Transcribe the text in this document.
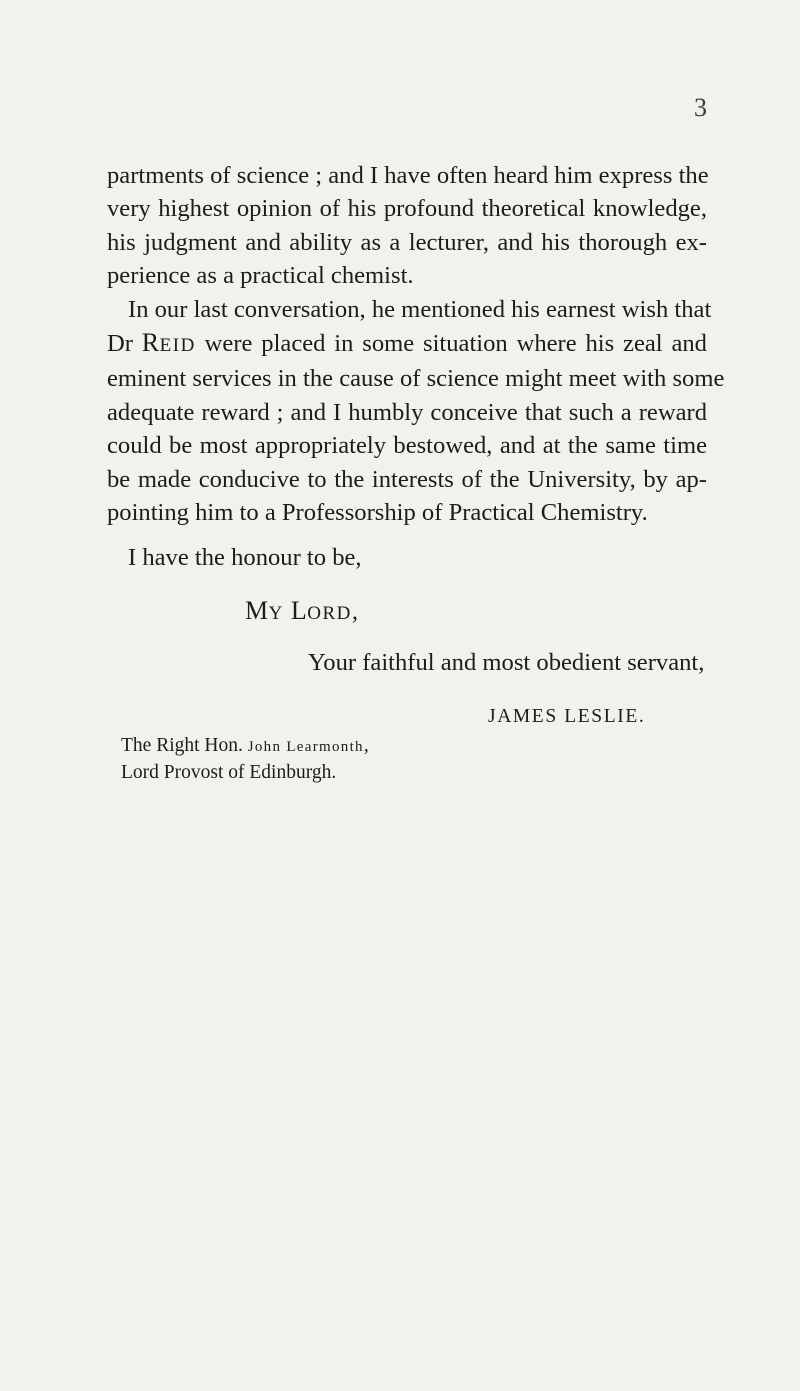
3
partments of science ; and I have often heard him express the
very highest opinion of his profound theoretical knowledge,
his judgment and ability as a lecturer, and his thorough ex-
perience as a practical chemist.
In our last conversation, he mentioned his earnest wish that
Dr REID were placed in some situation where his zeal and
eminent services in the cause of science might meet with some
adequate reward ; and I humbly conceive that such a reward
could be most appropriately bestowed, and at the same time
be made conducive to the interests of the University, by ap-
pointing him to a Professorship of Practical Chemistry.
I have the honour to be,
MY LORD,
Your faithful and most obedient servant,
JAMES LESLIE.
The Right Hon. John Learmonth,
Lord Provost of Edinburgh.
